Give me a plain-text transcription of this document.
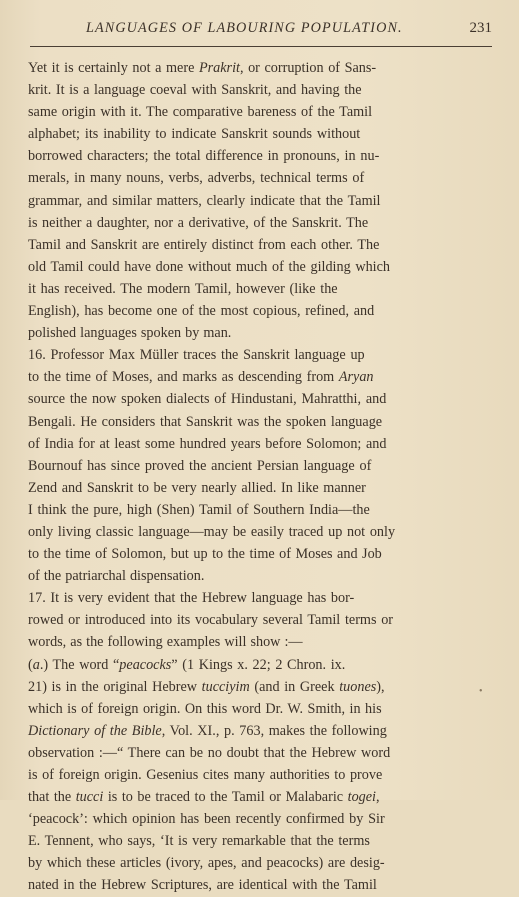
LANGUAGES OF LABOURING POPULATION.	231
Yet it is certainly not a mere Prakrit, or corruption of Sans-
krit. It is a language coeval with Sanskrit, and having the
same origin with it. The comparative bareness of the Tamil
alphabet; its inability to indicate Sanskrit sounds without
borrowed characters; the total difference in pronouns, in nu-
merals, in many nouns, verbs, adverbs, technical terms of
grammar, and similar matters, clearly indicate that the Tamil
is neither a daughter, nor a derivative, of the Sanskrit. The
Tamil and Sanskrit are entirely distinct from each other. The
old Tamil could have done without much of the gilding which
it has received. The modern Tamil, however (like the
English), has become one of the most copious, refined, and
polished languages spoken by man.
16. Professor Max Müller traces the Sanskrit language up
to the time of Moses, and marks as descending from Aryan
source the now spoken dialects of Hindustani, Mahratthi, and
Bengali. He considers that Sanskrit was the spoken language
of India for at least some hundred years before Solomon; and
Bournouf has since proved the ancient Persian language of
Zend and Sanskrit to be very nearly allied. In like manner
I think the pure, high (Shen) Tamil of Southern India—the
only living classic language—may be easily traced up not only
to the time of Solomon, but up to the time of Moses and Job
of the patriarchal dispensation.
17. It is very evident that the Hebrew language has bor-
rowed or introduced into its vocabulary several Tamil terms or
words, as the following examples will show :—
(a.) The word “peacocks” (1 Kings x. 22; 2 Chron. ix.
21) is in the original Hebrew tucciyim (and in Greek tuones),
which is of foreign origin. On this word Dr. W. Smith, in his
Dictionary of the Bible, Vol. XI., p. 763, makes the following
observation :—“ There can be no doubt that the Hebrew word
is of foreign origin. Gesenius cites many authorities to prove
that the tucci is to be traced to the Tamil or Malabaric togei,
‘peacock’: which opinion has been recently confirmed by Sir
E. Tennent, who says, ‘It is very remarkable that the terms
by which these articles (ivory, apes, and peacocks) are desig-
nated in the Hebrew Scriptures, are identical with the Tamil
•
